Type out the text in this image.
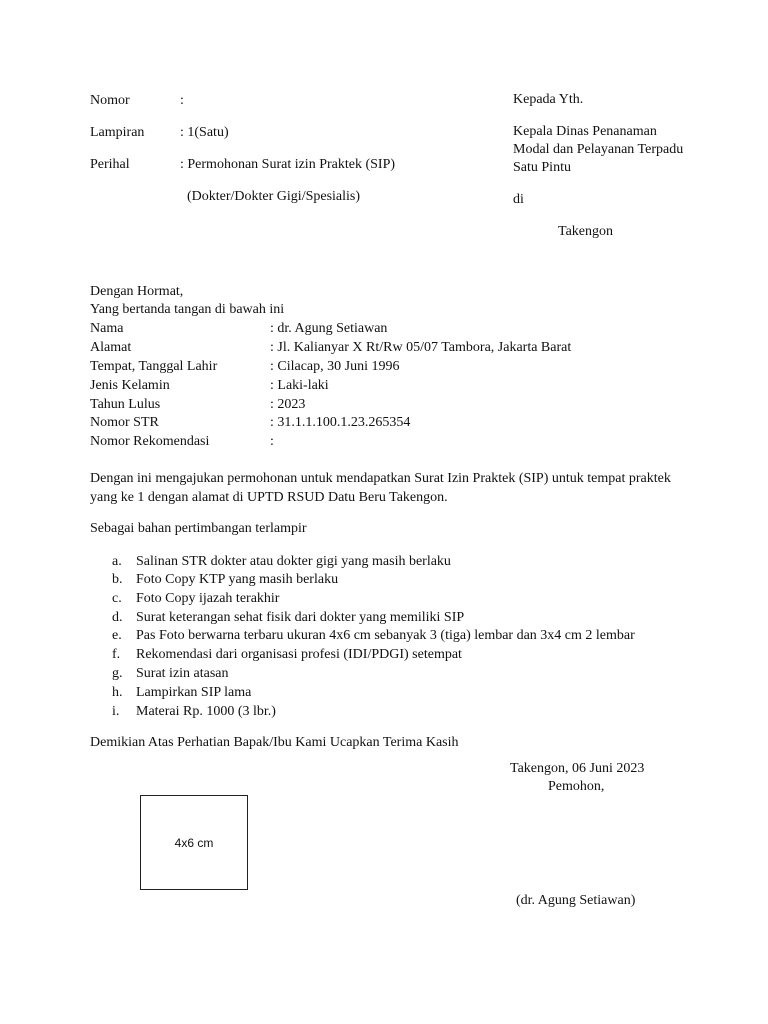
Nomor	:
Lampiran	: 1(Satu)
Perihal	: Permohonan Surat izin Praktek (SIP)
(Dokter/Dokter Gigi/Spesialis)
Kepada Yth.
Kepala Dinas Penanaman
Modal dan Pelayanan Terpadu
Satu Pintu
di
Takengon
Dengan Hormat,
Yang bertanda tangan di bawah ini
Nama	: dr. Agung Setiawan
Alamat	: Jl. Kalianyar X Rt/Rw 05/07 Tambora, Jakarta Barat
Tempat, Tanggal Lahir	: Cilacap, 30 Juni 1996
Jenis Kelamin	: Laki-laki
Tahun Lulus	: 2023
Nomor STR	: 31.1.1.100.1.23.265354
Nomor Rekomendasi	:
Dengan ini mengajukan permohonan untuk mendapatkan Surat Izin Praktek (SIP) untuk tempat praktek
yang ke 1 dengan alamat di UPTD RSUD Datu Beru Takengon.
Sebagai bahan pertimbangan terlampir
a. Salinan STR dokter atau dokter gigi yang masih berlaku
b. Foto Copy KTP yang masih berlaku
c. Foto Copy ijazah terakhir
d. Surat keterangan sehat fisik dari dokter yang memiliki SIP
e. Pas Foto berwarna terbaru ukuran 4x6 cm sebanyak 3 (tiga) lembar dan 3x4 cm 2 lembar
f. Rekomendasi dari organisasi profesi (IDI/PDGI) setempat
g. Surat izin atasan
h. Lampirkan SIP lama
i. Materai Rp. 1000 (3 lbr.)
Demikian Atas Perhatian Bapak/Ibu Kami Ucapkan Terima Kasih
Takengon, 06 Juni 2023
Pemohon,
(dr. Agung Setiawan)
4x6 cm
